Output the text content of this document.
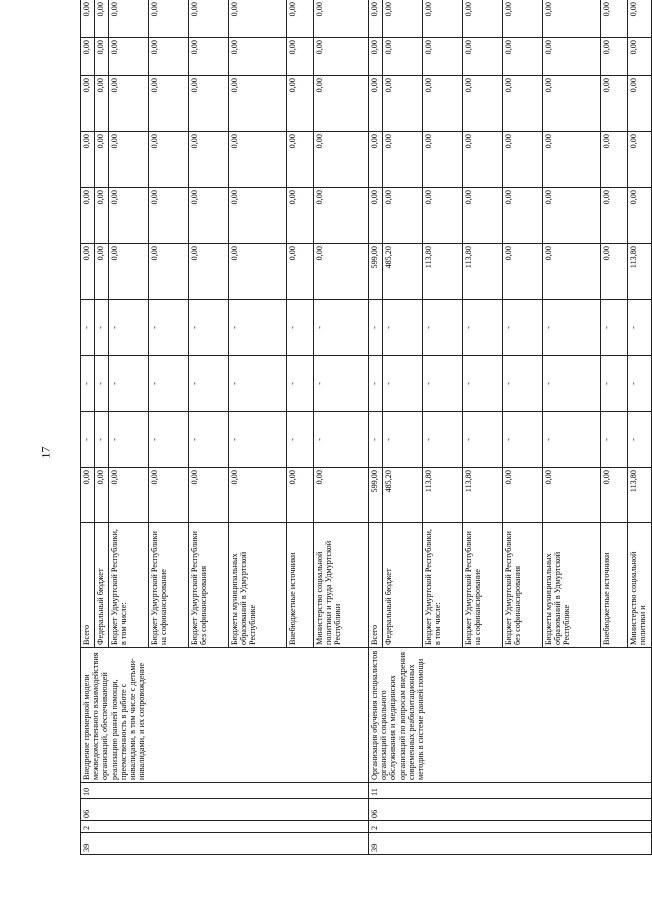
17
39	2	06	10	Внедрение примерной модели межведомственного взаимодействия организаций, обеспечивающей реализацию ранней помощи, преемственность в работе с инвалидами, в том числе с детьми-инвалидами, и их сопровождение	Всего	0,00	-	-	-	0,00	0,00	0,00	0,00	0,00	0,00
					Федеральный бюджет	0,00	-	-	-	0,00	0,00	0,00	0,00	0,00	0,00
					Бюджет Удмуртской Республики, в том числе:	0,00	-	-	-	0,00	0,00	0,00	0,00	0,00	0,00
					Бюджет Удмуртской Республики на софинансирование	0,00	-	-	-	0,00	0,00	0,00	0,00	0,00	0,00
					Бюджет Удмуртской Республики без софинансирования	0,00	-	-	-	0,00	0,00	0,00	0,00	0,00	0,00
					Бюджеты муниципальных образований в Удмуртской Республике	0,00	-	-	-	0,00	0,00	0,00	0,00	0,00	0,00
					Внебюджетные источники	0,00	-	-	-	0,00	0,00	0,00	0,00	0,00	0,00
					Министерство социальной политики и труда Удмуртской Республики	0,00	-	-	-	0,00	0,00	0,00	0,00	0,00	0,00
39	2	06	11	Организация обучения специалистов организаций социального обслуживания и медицинских организаций по вопросам внедрения современных реабилитационных методик в системе ранней помощи	Всего	599,00	-	-	-	599,00	0,00	0,00	0,00	0,00	0,00
					Федеральный бюджет	485,20	-	-	-	485,20	0,00	0,00	0,00	0,00	0,00
					Бюджет Удмуртской Республики, в том числе:	113,80	-	-	-	113,80	0,00	0,00	0,00	0,00	0,00
					Бюджет Удмуртской Республики на софинансирование	113,80	-	-	-	113,80	0,00	0,00	0,00	0,00	0,00
					Бюджет Удмуртской Республики без софинансирования	0,00	-	-	-	0,00	0,00	0,00	0,00	0,00	0,00
					Бюджеты муниципальных образований в Удмуртской Республике	0,00	-	-	-	0,00	0,00	0,00	0,00	0,00	0,00
					Внебюджетные источники	0,00	-	-	-	0,00	0,00	0,00	0,00	0,00	0,00
					Министерство социальной политики и	113,80	-	-	-	113,80	0,00	0,00	0,00	0,00	0,00
